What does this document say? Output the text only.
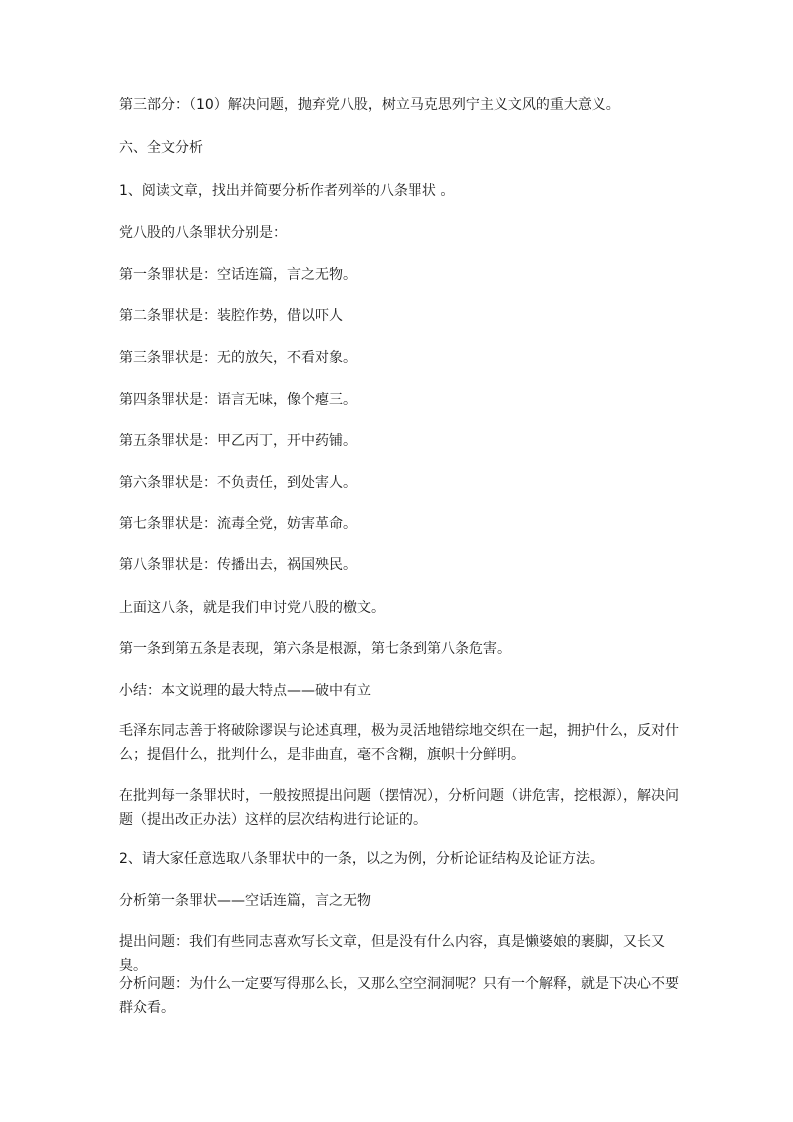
第三部分：（10）解决问题，抛弃党八股，树立马克思列宁主义文风的重大意义。

六、全文分析

1、阅读文章，找出并简要分析作者列举的八条罪状 。

党八股的八条罪状分别是：

第一条罪状是：空话连篇，言之无物。

第二条罪状是：装腔作势，借以吓人

第三条罪状是：无的放矢，不看对象。

第四条罪状是：语言无味，像个瘪三。

第五条罪状是：甲乙丙丁，开中药铺。

第六条罪状是：不负责任，到处害人。

第七条罪状是：流毒全党，妨害革命。

第八条罪状是：传播出去，祸国殃民。

上面这八条，就是我们申讨党八股的檄文。

第一条到第五条是表现，第六条是根源，第七条到第八条危害。

小结：本文说理的最大特点——破中有立

毛泽东同志善于将破除谬误与论述真理，极为灵活地错综地交织在一起，拥护什么，反对什么；提倡什么，批判什么，是非曲直，毫不含糊，旗帜十分鲜明。

在批判每一条罪状时，一般按照提出问题（摆情况），分析问题（讲危害，挖根源），解决问题（提出改正办法）这样的层次结构进行论证的。

2、请大家任意选取八条罪状中的一条，以之为例，分析论证结构及论证方法。

分析第一条罪状——空话连篇，言之无物

提出问题：我们有些同志喜欢写长文章，但是没有什么内容，真是懒婆娘的裹脚，又长又臭。

分析问题：为什么一定要写得那么长，又那么空空洞洞呢？只有一个解释，就是下决心不要群众看。
